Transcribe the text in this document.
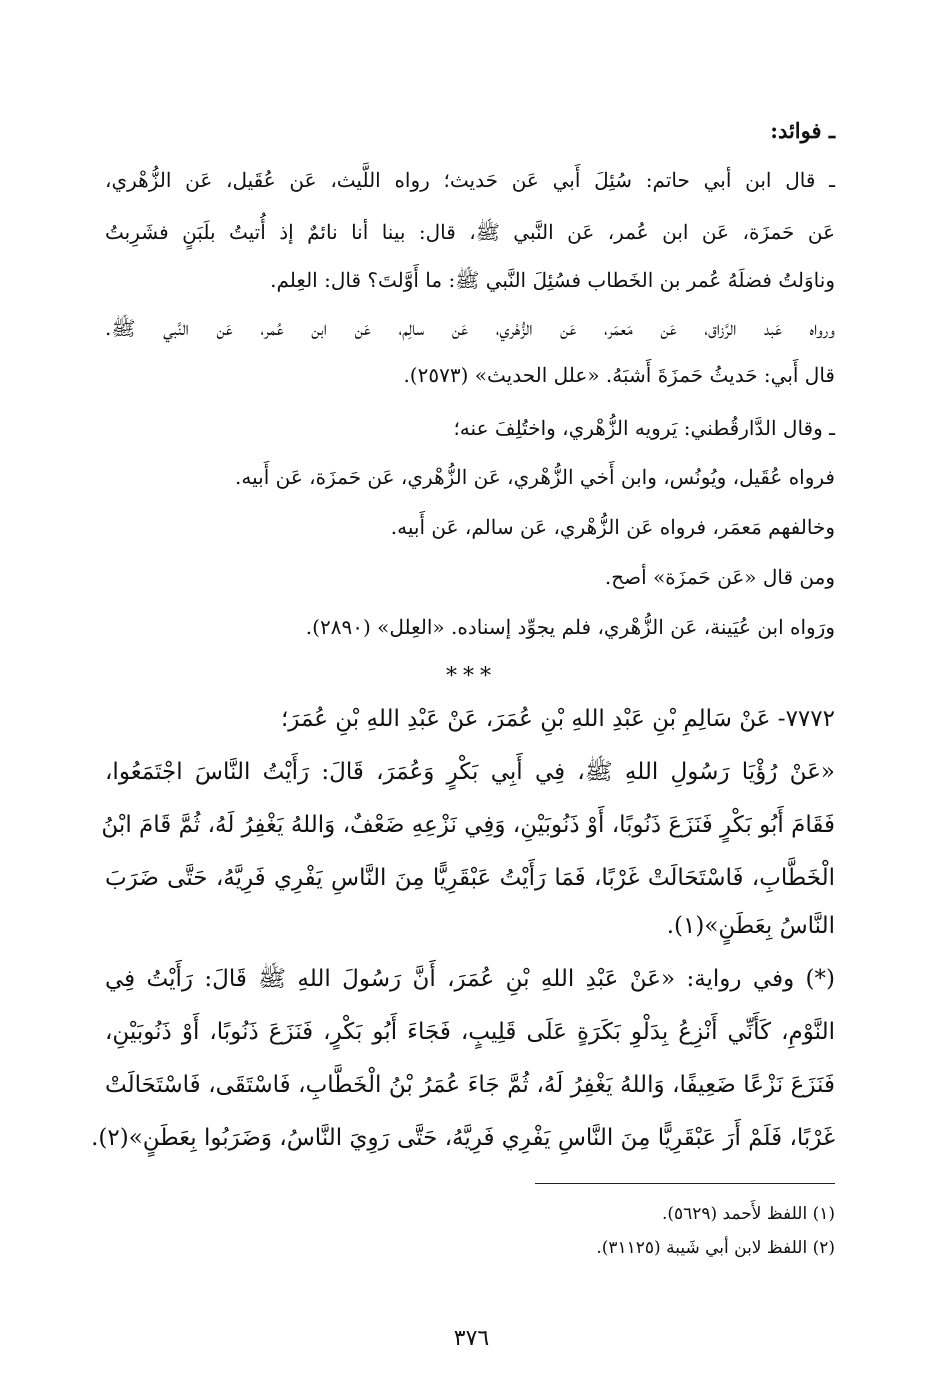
ـ فوائد:
ـ قال ابن أبي حاتم: سُئِلَ أَبي عَن حَديث؛ رواه اللَّيث، عَن عُقَيل، عَن الزُّهْري،
عَن حَمزَة، عَن ابن عُمر، عَن النَّبي ﷺ، قال: بينا أنا نائمٌ إذ أُتيتُ بلَبَنٍ فشَرِبتُ
وناوَلتُ فضلَهُ عُمر بن الخَطاب فسُئِلَ النَّبي ﷺ: ما أَوَّلتَ؟ قال: العِلم.
ورواه عَبد الرَّزاق، عَن مَعمَر، عَن الزُّهْري، عَن سالِم، عَن ابن عُمر، عَن النَّبي ﷺ.
قال أَبي: حَديثُ حَمزَةَ أَشبَهُ. «علل الحديث» (٢٥٧٣).
ـ وقال الدَّارقُطني: يَرويه الزُّهْري، واختُلِفَ عنه؛
فرواه عُقَيل، ويُونُس، وابن أَخي الزُّهْري، عَن الزُّهْري، عَن حَمزَة، عَن أَبيه.
وخالفهم مَعمَر، فرواه عَن الزُّهْري، عَن سالم، عَن أَبيه.
ومن قال «عَن حَمزَة» أصح.
ورَواه ابن عُيَينة، عَن الزُّهْري، فلم يجوِّد إسناده. «العِلل» (٢٨٩٠).
***
٧٧٧٢- عَنْ سَالِمِ بْنِ عَبْدِ اللهِ بْنِ عُمَرَ، عَنْ عَبْدِ اللهِ بْنِ عُمَرَ؛
«عَنْ رُؤْيَا رَسُولِ اللهِ ﷺ، فِي أَبِي بَكْرٍ وَعُمَرَ، قَالَ: رَأَيْتُ النَّاسَ اجْتَمَعُوا،
فَقَامَ أَبُو بَكْرٍ فَنَزَعَ ذَنُوبًا، أَوْ ذَنُوبَيْنِ، وَفِي نَزْعِهِ ضَعْفٌ، وَاللهُ يَغْفِرُ لَهُ، ثُمَّ قَامَ ابْنُ
الْخَطَّابِ، فَاسْتَحَالَتْ غَرْبًا، فَمَا رَأَيْتُ عَبْقَرِيًّا مِنَ النَّاسِ يَفْرِي فَرِيَّهُ، حَتَّى ضَرَبَ
النَّاسُ بِعَطَنٍ»(١).
(*) وفي رواية: «عَنْ عَبْدِ اللهِ بْنِ عُمَرَ، أَنَّ رَسُولَ اللهِ ﷺ قَالَ: رَأَيْتُ فِي
النَّوْمِ، كَأَنِّي أَنْزِعُ بِدَلْوِ بَكَرَةٍ عَلَى قَلِيبٍ، فَجَاءَ أَبُو بَكْرٍ، فَنَزَعَ ذَنُوبًا، أَوْ ذَنُوبَيْنِ،
فَنَزَعَ نَزْعًا ضَعِيفًا، وَاللهُ يَغْفِرُ لَهُ، ثُمَّ جَاءَ عُمَرُ بْنُ الْخَطَّابِ، فَاسْتَقَى، فَاسْتَحَالَتْ
غَرْبًا، فَلَمْ أَرَ عَبْقَرِيًّا مِنَ النَّاسِ يَفْرِي فَرِيَّهُ، حَتَّى رَوِيَ النَّاسُ، وَضَرَبُوا بِعَطَنٍ»(٢).
(١) اللفظ لأَحمد (٥٦٢٩).
(٢) اللفظ لابن أبي شَيبة (٣١١٢٥).
٣٧٦
